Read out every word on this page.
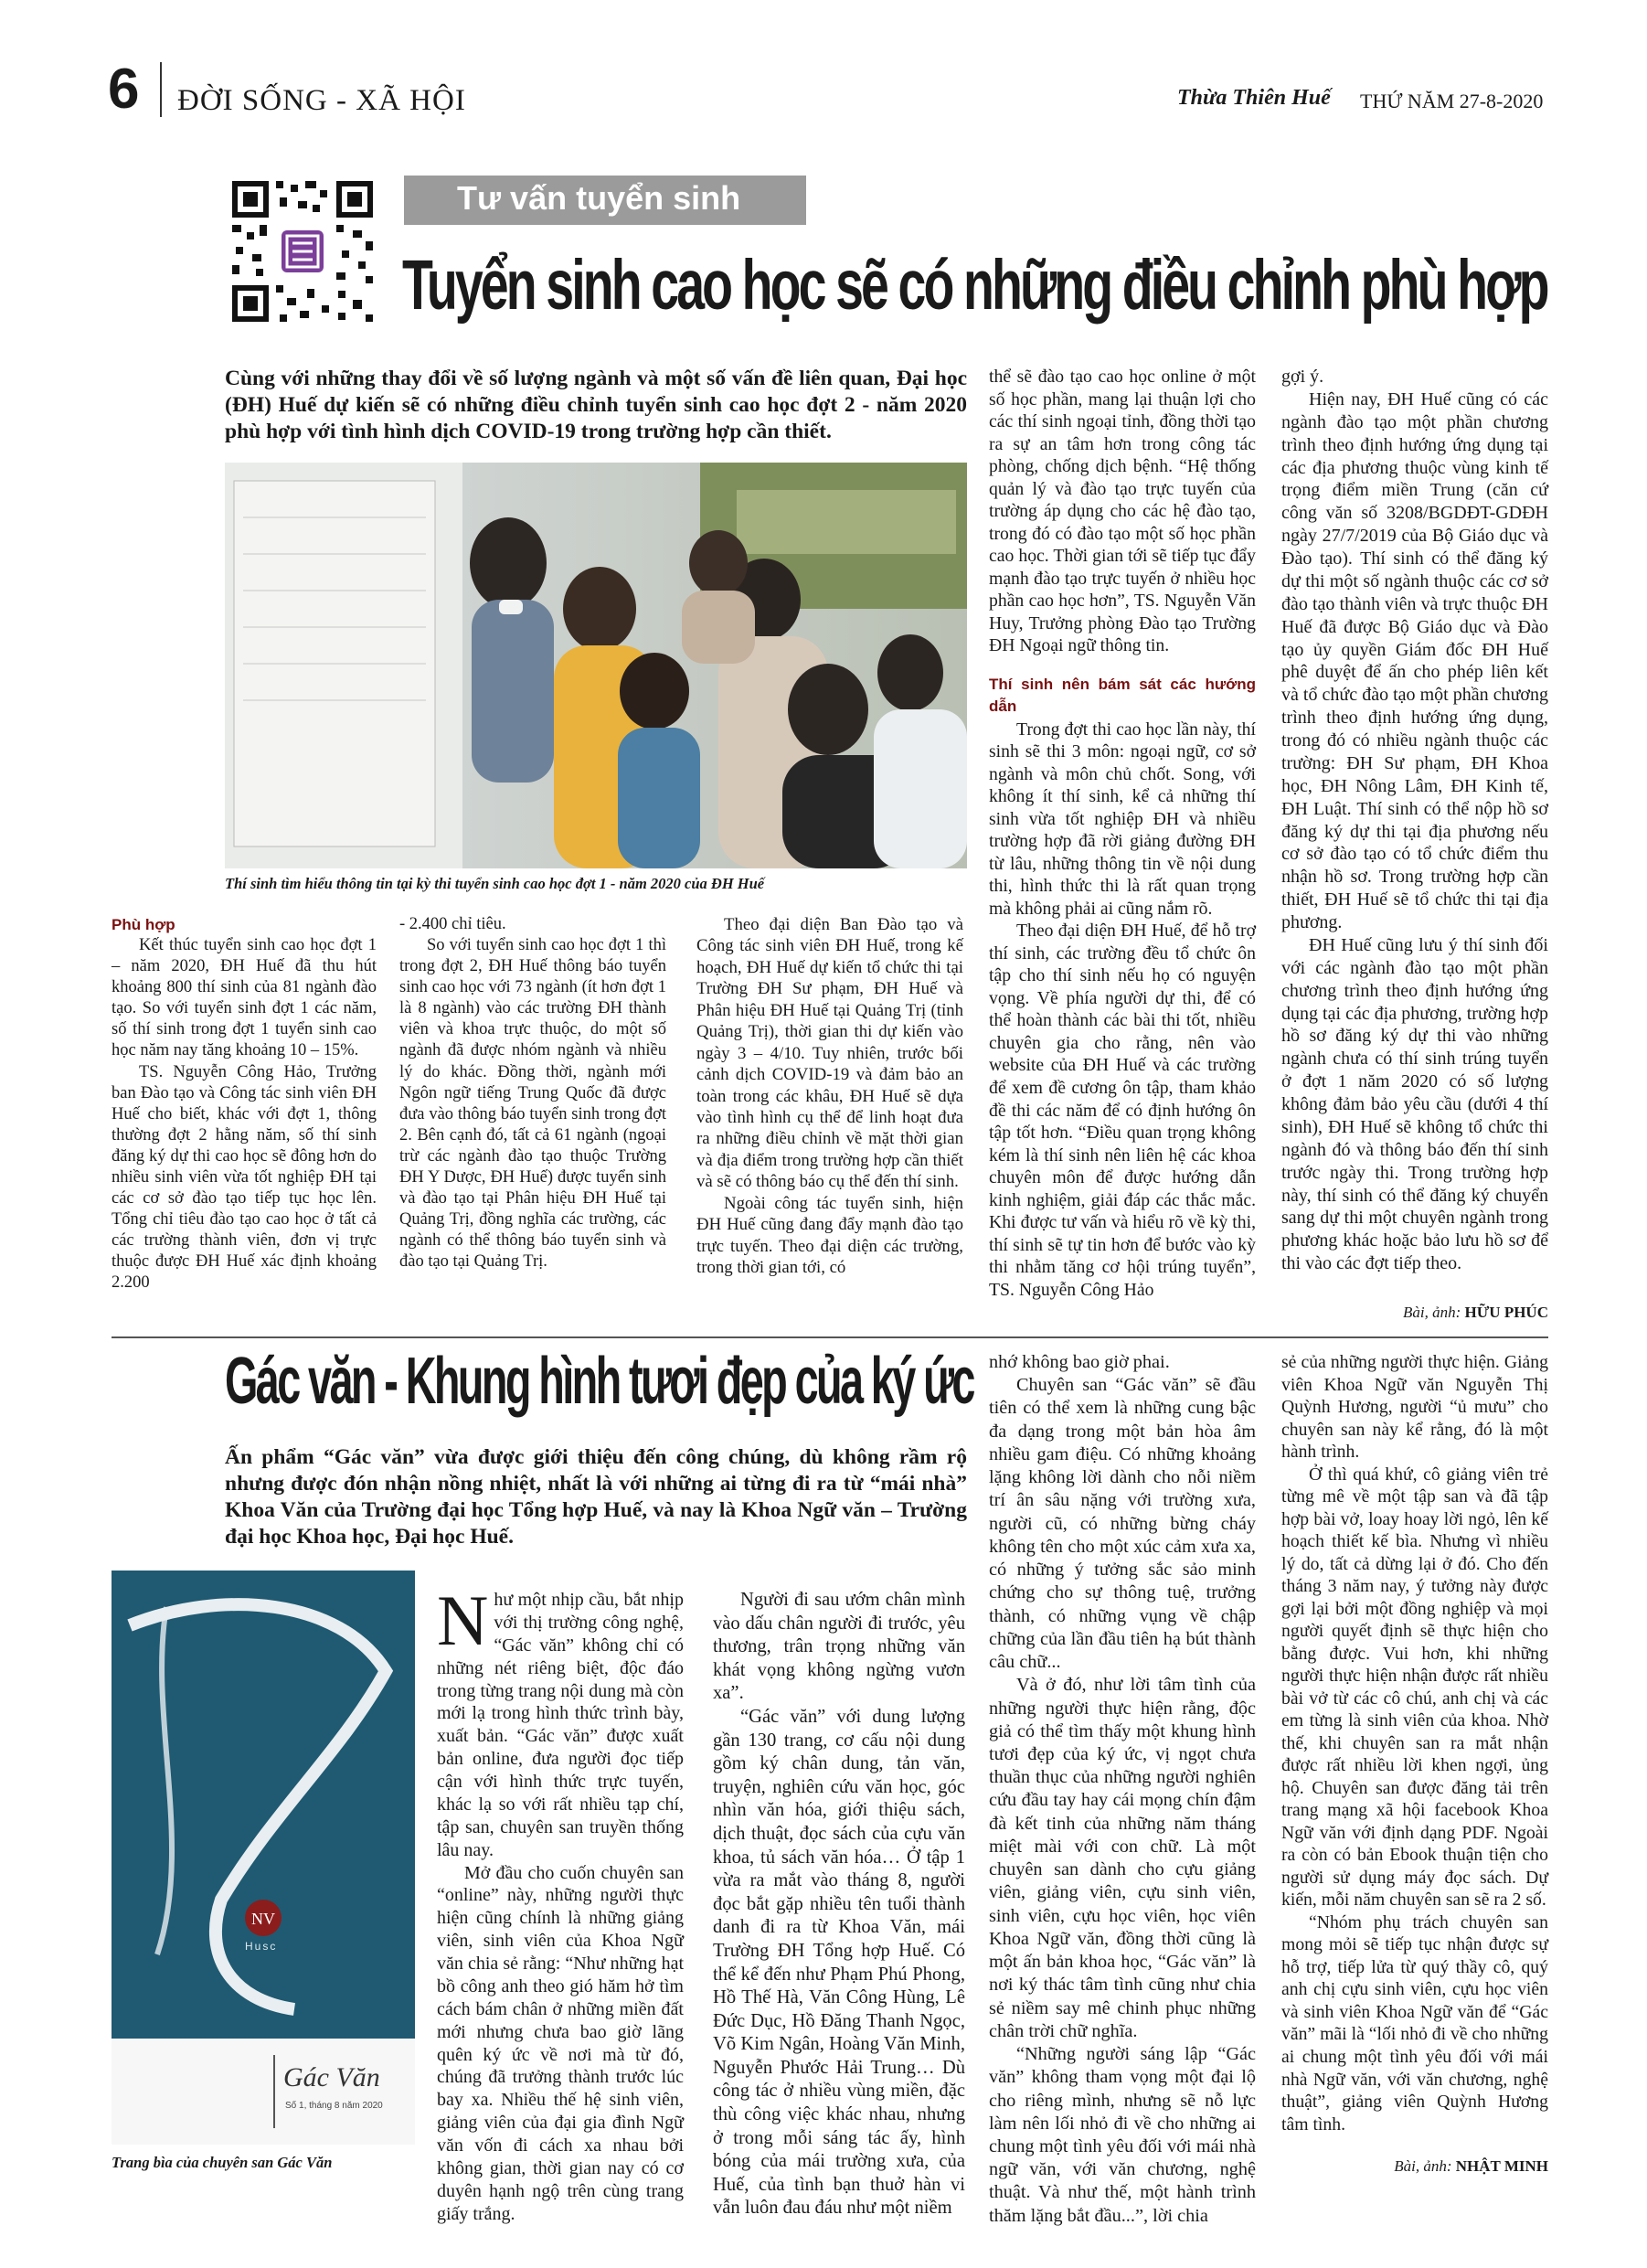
6 ĐỜI SỐNG - XÃ HỘI	Thừa Thiên Huế THỨ NĂM 27-8-2020
Tư vấn tuyển sinh
Tuyển sinh cao học sẽ có những điều chỉnh phù hợp
Cùng với những thay đổi về số lượng ngành và một số vấn đề liên quan, Đại học (ĐH) Huế dự kiến sẽ có những điều chỉnh tuyển sinh cao học đợt 2 - năm 2020 phù hợp với tình hình dịch COVID-19 trong trường hợp cần thiết.
Thí sinh tìm hiểu thông tin tại kỳ thi tuyển sinh cao học đợt 1 - năm 2020 của ĐH Huế

Phù hợp

Kết thúc tuyển sinh cao học đợt 1 – năm 2020, ĐH Huế đã thu hút khoảng 800 thí sinh của 81 ngành đào tạo. So với tuyển sinh đợt 1 các năm, số thí sinh trong đợt 1 tuyển sinh cao học năm nay tăng khoảng 10 – 15%.

TS. Nguyễn Công Hảo, Trưởng ban Đào tạo và Công tác sinh viên ĐH Huế cho biết, khác với đợt 1, thông thường đợt 2 hằng năm, số thí sinh đăng ký dự thi cao học sẽ đông hơn do nhiều sinh viên vừa tốt nghiệp ĐH tại các cơ sở đào tạo tiếp tục học lên. Tổng chỉ tiêu đào tạo cao học ở tất cả các trường thành viên, đơn vị trực thuộc được ĐH Huế xác định khoảng 2.200

- 2.400 chỉ tiêu.

So với tuyển sinh cao học đợt 1 thì trong đợt 2, ĐH Huế thông báo tuyển sinh cao học với 73 ngành (ít hơn đợt 1 là 8 ngành) vào các trường ĐH thành viên và khoa trực thuộc, do một số ngành đã được nhóm ngành và nhiều lý do khác. Đồng thời, ngành mới Ngôn ngữ tiếng Trung Quốc đã được đưa vào thông báo tuyển sinh trong đợt 2. Bên cạnh đó, tất cả 61 ngành (ngoại trừ các ngành đào tạo thuộc Trường ĐH Y Dược, ĐH Huế) được tuyển sinh và đào tạo tại Phân hiệu ĐH Huế tại Quảng Trị, đồng nghĩa các trường, các ngành có thể thông báo tuyển sinh và đào tạo tại Quảng Trị.

Theo đại diện Ban Đào tạo và Công tác sinh viên ĐH Huế, trong kế hoạch, ĐH Huế dự kiến tổ chức thi tại Trường ĐH Sư phạm, ĐH Huế và Phân hiệu ĐH Huế tại Quảng Trị (tỉnh Quảng Trị), thời gian thi dự kiến vào ngày 3 – 4/10. Tuy nhiên, trước bối cảnh dịch COVID-19 và đảm bảo an toàn trong các khâu, ĐH Huế sẽ dựa vào tình hình cụ thể để linh hoạt đưa ra những điều chỉnh về mặt thời gian và địa điểm trong trường hợp cần thiết và sẽ có thông báo cụ thể đến thí sinh.

Ngoài công tác tuyển sinh, hiện ĐH Huế cũng đang đẩy mạnh đào tạo trực tuyến. Theo đại diện các trường, trong thời gian tới, có

thể sẽ đào tạo cao học online ở một số học phần, mang lại thuận lợi cho các thí sinh ngoại tỉnh, đồng thời tạo ra sự an tâm hơn trong công tác phòng, chống dịch bệnh. “Hệ thống quản lý và đào tạo trực tuyến của trường áp dụng cho các hệ đào tạo, trong đó có đào tạo một số học phần cao học. Thời gian tới sẽ tiếp tục đẩy mạnh đào tạo trực tuyến ở nhiều học phần cao học hơn”, TS. Nguyễn Văn Huy, Trưởng phòng Đào tạo Trường ĐH Ngoại ngữ thông tin.

Thí sinh nên bám sát các hướng dẫn

Trong đợt thi cao học lần này, thí sinh sẽ thi 3 môn: ngoại ngữ, cơ sở ngành và môn chủ chốt. Song, với không ít thí sinh, kể cả những thí sinh vừa tốt nghiệp ĐH và nhiều trường hợp đã rời giảng đường ĐH từ lâu, những thông tin về nội dung thi, hình thức thi là rất quan trọng mà không phải ai cũng nắm rõ.

Theo đại diện ĐH Huế, để hỗ trợ thí sinh, các trường đều tổ chức ôn tập cho thí sinh nếu họ có nguyện vọng. Về phía người dự thi, để có thể hoàn thành các bài thi tốt, nhiều chuyên gia cho rằng, nên vào website của ĐH Huế và các trường để xem đề cương ôn tập, tham khảo đề thi các năm để có định hướng ôn tập tốt hơn. “Điều quan trọng không kém là thí sinh nên liên hệ các khoa chuyên môn để được hướng dẫn kinh nghiệm, giải đáp các thắc mắc. Khi được tư vấn và hiểu rõ về kỳ thi, thí sinh sẽ tự tin hơn để bước vào kỳ thi nhằm tăng cơ hội trúng tuyển”, TS. Nguyễn Công Hảo

gợi ý.

Hiện nay, ĐH Huế cũng có các ngành đào tạo một phần chương trình theo định hướng ứng dụng tại các địa phương thuộc vùng kinh tế trọng điểm miền Trung (căn cứ công văn số 3208/BGDĐT-GDĐH ngày 27/7/2019 của Bộ Giáo dục và Đào tạo). Thí sinh có thể đăng ký dự thi một số ngành thuộc các cơ sở đào tạo thành viên và trực thuộc ĐH Huế đã được Bộ Giáo dục và Đào tạo ủy quyền Giám đốc ĐH Huế phê duyệt để ấn cho phép liên kết và tổ chức đào tạo một phần chương trình theo định hướng ứng dụng, trong đó có nhiều ngành thuộc các trường: ĐH Sư phạm, ĐH Khoa học, ĐH Nông Lâm, ĐH Kinh tế, ĐH Luật. Thí sinh có thể nộp hồ sơ đăng ký dự thi tại địa phương nếu cơ sở đào tạo có tổ chức điểm thu nhận hồ sơ. Trong trường hợp cần thiết, ĐH Huế sẽ tổ chức thi tại địa phương.

ĐH Huế cũng lưu ý thí sinh đối với các ngành đào tạo một phần chương trình theo định hướng ứng dụng tại các địa phương, trường hợp hồ sơ đăng ký dự thi vào những ngành chưa có thí sinh trúng tuyển ở đợt 1 năm 2020 có số lượng không đảm bảo yêu cầu (dưới 4 thí sinh), ĐH Huế sẽ không tổ chức thi ngành đó và thông báo đến thí sinh trước ngày thi. Trong trường hợp này, thí sinh có thể đăng ký chuyển sang dự thi một chuyên ngành trong phương khác hoặc bảo lưu hồ sơ để thi vào các đợt tiếp theo.

Bài, ảnh: HỮU PHÚC
Gác văn - Khung hình tươi đẹp của ký ức
Ấn phẩm “Gác văn” vừa được giới thiệu đến công chúng, dù không rầm rộ nhưng được đón nhận nồng nhiệt, nhất là với những ai từng đi ra từ “mái nhà” Khoa Văn của Trường đại học Tổng hợp Huế, và nay là Khoa Ngữ văn – Trường đại học Khoa học, Đại học Huế.
NV
Husc
Gác Văn
Số 1, tháng 8 năm 2020
Trang bìa của chuyên san Gác Văn

Như một nhịp cầu, bắt nhịp với thị trường công nghệ, “Gác văn” không chỉ có những nét riêng biệt, độc đáo trong từng trang nội dung mà còn mới lạ trong hình thức trình bày, xuất bản. “Gác văn” được xuất bản online, đưa người đọc tiếp cận với hình thức trực tuyến, khác lạ so với rất nhiều tạp chí, tập san, chuyên san truyền thống lâu nay.

Mở đầu cho cuốn chuyên san “online” này, những người thực hiện cũng chính là những giảng viên, sinh viên của Khoa Ngữ văn chia sẻ rằng: “Như những hạt bồ công anh theo gió hăm hở tìm cách bám chân ở những miền đất mới nhưng chưa bao giờ lãng quên ký ức về nơi mà từ đó, chúng đã trưởng thành trước lúc bay xa. Nhiều thế hệ sinh viên, giảng viên của đại gia đình Ngữ văn vốn đi cách xa nhau bởi không gian, thời gian nay có cơ duyên hạnh ngộ trên cùng trang giấy trắng.

Người đi sau ướm chân mình vào dấu chân người đi trước, yêu thương, trân trọng những văn khát vọng không ngừng vươn xa”.

“Gác văn” với dung lượng gần 130 trang, cơ cấu nội dung gồm ký chân dung, tản văn, truyện, nghiên cứu văn học, góc nhìn văn hóa, giới thiệu sách, dịch thuật, đọc sách của cựu văn khoa, tủ sách văn hóa… Ở tập 1 vừa ra mắt vào tháng 8, người đọc bắt gặp nhiều tên tuổi thành danh đi ra từ Khoa Văn, mái Trường ĐH Tổng hợp Huế. Có thể kể đến như Phạm Phú Phong, Hồ Thế Hà, Văn Công Hùng, Lê Đức Dục, Hồ Đăng Thanh Ngọc, Võ Kim Ngân, Hoàng Văn Minh, Nguyễn Phước Hải Trung… Dù công tác ở nhiều vùng miền, đặc thù công việc khác nhau, nhưng ở trong mỗi sáng tác ấy, hình bóng của mái trường xưa, của Huế, của tình bạn thuở hàn vi vẫn luôn đau đáu như một niềm

nhớ không bao giờ phai.

Chuyên san “Gác văn” sẽ đầu tiên có thể xem là những cung bậc đa dạng trong một bản hòa âm nhiều gam điệu. Có những khoảng lặng không lời dành cho nỗi niềm trí ân sâu nặng với trường xưa, người cũ, có những bừng cháy không tên cho một xúc cảm xưa xa, có những ý tưởng sắc sảo minh chứng cho sự thông tuệ, trưởng thành, có những vụng về chập chững của lần đầu tiên hạ bút thành câu chữ...

Và ở đó, như lời tâm tình của những người thực hiện rằng, độc giả có thể tìm thấy một khung hình tươi đẹp của ký ức, vị ngọt chưa thuần thục của những người nghiên cứu đầu tay hay cái mọng chín đậm đà kết tinh của những năm tháng miệt mài với con chữ. Là một chuyên san dành cho cựu giảng viên, giảng viên, cựu sinh viên, sinh viên, cựu học viên, học viên Khoa Ngữ văn, đồng thời cũng là một ấn bản khoa học, “Gác văn” là nơi ký thác tâm tình cũng như chia sẻ niềm say mê chinh phục những chân trời chữ nghĩa.

“Những người sáng lập “Gác văn” không tham vọng một đại lộ cho riêng mình, nhưng sẽ nỗ lực làm nên lối nhỏ đi về cho những ai chung một tình yêu đối với mái nhà ngữ văn, với văn chương, nghệ thuật. Và như thế, một hành trình thăm lặng bắt đầu...”, lời chia

sẻ của những người thực hiện. Giảng viên Khoa Ngữ văn Nguyễn Thị Quỳnh Hương, người “ủ mưu” cho chuyên san này kể rằng, đó là một hành trình.

Ở thì quá khứ, cô giảng viên trẻ từng mê về một tập san và đã tập hợp bài vở, loay hoay lời ngỏ, lên kế hoạch thiết kế bìa. Nhưng vì nhiều lý do, tất cả dừng lại ở đó. Cho đến tháng 3 năm nay, ý tưởng này được gợi lại bởi một đồng nghiệp và mọi người quyết định sẽ thực hiện cho bằng được. Vui hơn, khi những người thực hiện nhận được rất nhiều bài vở từ các cô chú, anh chị và các em từng là sinh viên của khoa. Nhờ thế, khi chuyên san ra mắt nhận được rất nhiều lời khen ngợi, ủng hộ. Chuyên san được đăng tải trên trang mạng xã hội facebook Khoa Ngữ văn với định dạng PDF. Ngoài ra còn có bản Ebook thuận tiện cho người sử dụng máy đọc sách. Dự kiến, mỗi năm chuyên san sẽ ra 2 số.

“Nhóm phụ trách chuyên san mong mỏi sẽ tiếp tục nhận được sự hỗ trợ, tiếp lửa từ quý thầy cô, quý anh chị cựu sinh viên, cựu học viên và sinh viên Khoa Ngữ văn để “Gác văn” mãi là “lối nhỏ đi về cho những ai chung một tình yêu đối với mái nhà Ngữ văn, với văn chương, nghệ thuật”, giảng viên Quỳnh Hương tâm tình.

Bài, ảnh: NHẬT MINH
